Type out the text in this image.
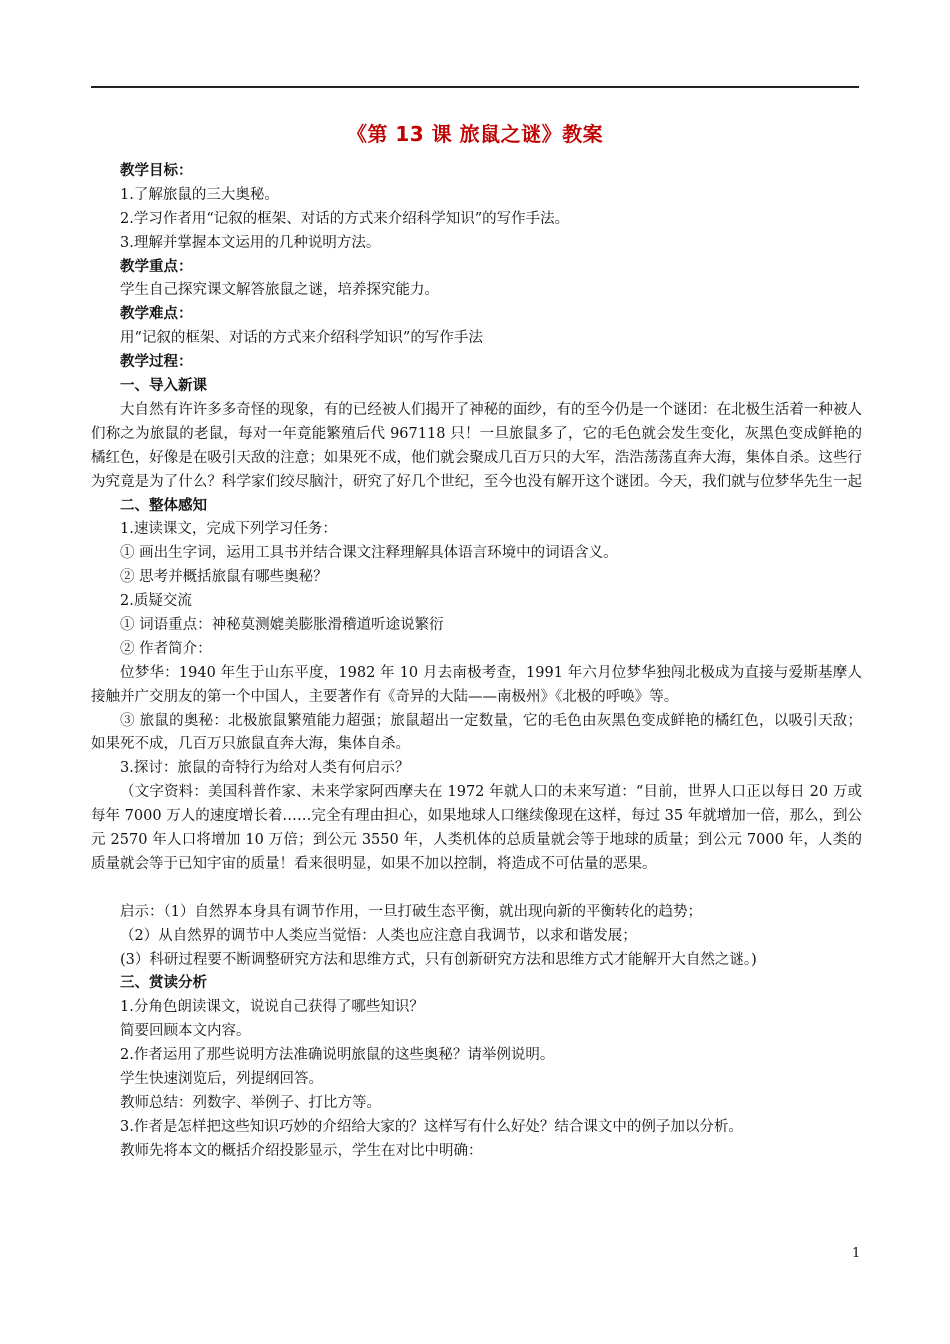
《第 13 课 旅鼠之谜》教案
教学目标：
1.了解旅鼠的三大奥秘。
2.学习作者用“记叙的框架、对话的方式来介绍科学知识”的写作手法。
3.理解并掌握本文运用的几种说明方法。
教学重点：
学生自己探究课文解答旅鼠之谜，培养探究能力。
教学难点：
用“记叙的框架、对话的方式来介绍科学知识”的写作手法
教学过程：
一、导入新课
大自然有许许多多奇怪的现象，有的已经被人们揭开了神秘的面纱，有的至今仍是一个谜团：在北极生活着一种被人们称之为旅鼠的老鼠，每对一年竟能繁殖后代 967118 只！一旦旅鼠多了，它的毛色就会发生变化，灰黑色变成鲜艳的橘红色，好像是在吸引天敌的注意；如果死不成，他们就会聚成几百万只的大军，浩浩荡荡直奔大海，集体自杀。这些行为究竟是为了什么？科学家们绞尽脑汁，研究了好几个世纪，至今也没有解开这个谜团。今天，我们就与位梦华先生一起
二、整体感知
1.速读课文，完成下列学习任务：
① 画出生字词，运用工具书并结合课文注释理解具体语言环境中的词语含义。
② 思考并概括旅鼠有哪些奥秘？
2.质疑交流
① 词语重点：神秘莫测媲美膨胀滑稽道听途说繁衍
② 作者简介：
位梦华：1940 年生于山东平度，1982 年 10 月去南极考查，1991 年六月位梦华独闯北极成为直接与爱斯基摩人接触并广交朋友的第一个中国人，主要著作有《奇异的大陆——南极州》《北极的呼唤》等。
③ 旅鼠的奥秘：北极旅鼠繁殖能力超强；旅鼠超出一定数量，它的毛色由灰黑色变成鲜艳的橘红色，以吸引天敌；如果死不成，几百万只旅鼠直奔大海，集体自杀。
3.探讨：旅鼠的奇特行为给对人类有何启示？
（文字资料：美国科普作家、未来学家阿西摩夫在 1972 年就人口的未来写道：“目前，世界人口正以每日 20 万或每年 7000 万人的速度增长着……完全有理由担心，如果地球人口继续像现在这样，每过 35 年就增加一倍，那么，到公元 2570 年人口将增加 10 万倍；到公元 3550 年，人类机体的总质量就会等于地球的质量；到公元 7000 年，人类的质量就会等于已知宇宙的质量！看来很明显，如果不加以控制，将造成不可估量的恶果。
启示：（1）自然界本身具有调节作用，一旦打破生态平衡，就出现向新的平衡转化的趋势；
（2）从自然界的调节中人类应当觉悟：人类也应注意自我调节，以求和谐发展；
(3）科研过程要不断调整研究方法和思维方式，只有创新研究方法和思维方式才能解开大自然之谜。)
三、赏读分析
1.分角色朗读课文，说说自己获得了哪些知识？
简要回顾本文内容。
2.作者运用了那些说明方法准确说明旅鼠的这些奥秘？请举例说明。
学生快速浏览后，列提纲回答。
教师总结：列数字、举例子、打比方等。
3.作者是怎样把这些知识巧妙的介绍给大家的？这样写有什么好处？结合课文中的例子加以分析。
教师先将本文的概括介绍投影显示，学生在对比中明确：
1
